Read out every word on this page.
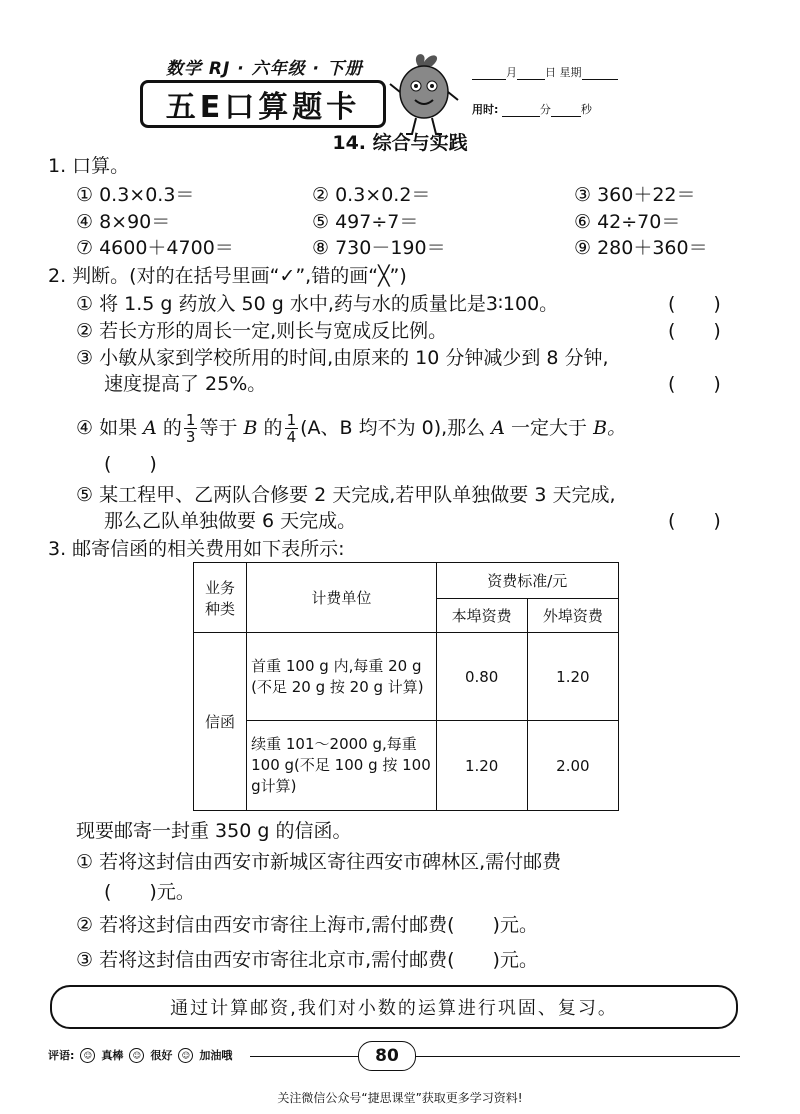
数学 RJ · 六年级 · 下册
五E口算题卡
月	日 星期
用时:	分	秒
14. 综合与实践
1. 口算。
① 0.3×0.3＝	② 0.3×0.2＝	③ 360＋22＝
④ 8×90＝	⑤ 497÷7＝	⑥ 42÷70＝
⑦ 4600＋4700＝	⑧ 730－190＝	⑨ 280＋360＝
2. 判断。(对的在括号里画“✓”,错的画“╳”)
① 将 1.5 g 药放入 50 g 水中,药与水的质量比是3∶100。	(　　)
② 若长方形的周长一定,则长与宽成反比例。	(　　)
③ 小敏从家到学校所用的时间,由原来的 10 分钟减少到 8 分钟,
速度提高了 25%。	(　　)
④ 如果 A 的 $\frac{1}{3}$ 等于 B 的 $\frac{1}{4} (A$、B 均不为 0),那么 A 一定大于 B。
(　　)
⑤ 某工程甲、乙两队合修要 2 天完成,若甲队单独做要 3 天完成,
那么乙队单独做要 6 天完成。	(　　)
3. 邮寄信函的相关费用如下表所示:
业务种类	计费单位	资费标准/元	
		本埠资费	外埠资费
信函	首重 100 g 内,每重 20 g (不足 20 g 按 20 g 计算)	0.80	1.20
	续重 101～2000 g,每重 100 g(不足 100 g 按 100 g计算)	1.20	2.00
现要邮寄一封重 350 g 的信函。
① 若将这封信由西安市新城区寄往西安市碑林区,需付邮费
(　　)元。
② 若将这封信由西安市寄往上海市,需付邮费(　　)元。
③ 若将这封信由西安市寄往北京市,需付邮费(　　)元。
通过计算邮资,我们对小数的运算进行巩固、复习。
评语:	☺ 真棒	☺ 很好	☺ 加油哦	80
关注微信公众号“捷思课堂”获取更多学习资料!
